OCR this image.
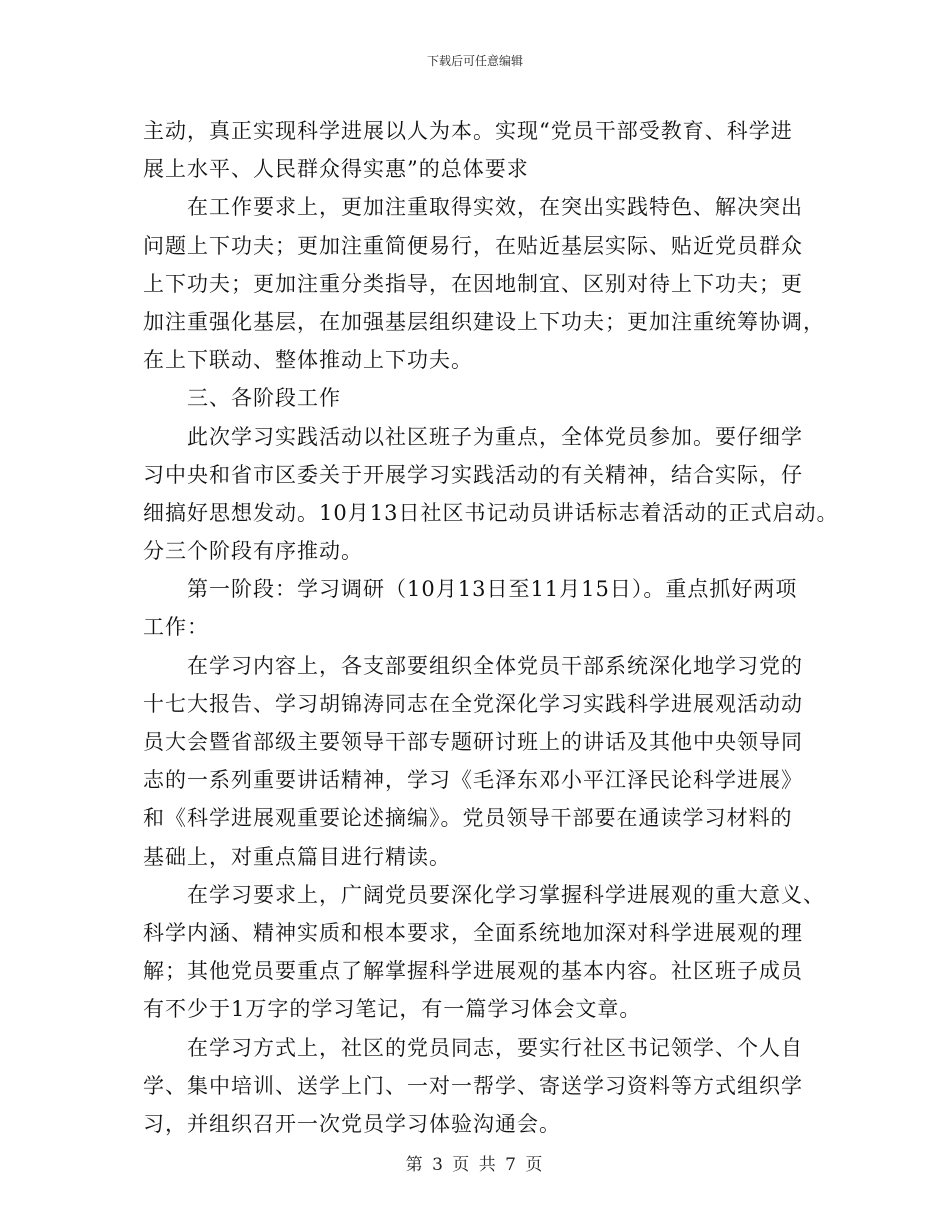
下载后可任意编辑
主动，真正实现科学进展以人为本。实现“党员干部受教育、科学进
展上水平、人民群众得实惠”的总体要求
在工作要求上，更加注重取得实效，在突出实践特色、解决突出
问题上下功夫；更加注重简便易行，在贴近基层实际、贴近党员群众
上下功夫；更加注重分类指导，在因地制宜、区别对待上下功夫；更
加注重强化基层，在加强基层组织建设上下功夫；更加注重统筹协调，
在上下联动、整体推动上下功夫。
三、各阶段工作
此次学习实践活动以社区班子为重点，全体党员参加。要仔细学
习中央和省市区委关于开展学习实践活动的有关精神，结合实际，仔
细搞好思想发动。10月13日社区书记动员讲话标志着活动的正式启动。
分三个阶段有序推动。
第一阶段：学习调研（10月13日至11月15日）。重点抓好两项
工作：
在学习内容上，各支部要组织全体党员干部系统深化地学习党的
十七大报告、学习胡锦涛同志在全党深化学习实践科学进展观活动动
员大会暨省部级主要领导干部专题研讨班上的讲话及其他中央领导同
志的一系列重要讲话精神，学习《毛泽东邓小平江泽民论科学进展》
和《科学进展观重要论述摘编》。党员领导干部要在通读学习材料的
基础上，对重点篇目进行精读。
在学习要求上，广阔党员要深化学习掌握科学进展观的重大意义、
科学内涵、精神实质和根本要求，全面系统地加深对科学进展观的理
解；其他党员要重点了解掌握科学进展观的基本内容。社区班子成员
有不少于1万字的学习笔记，有一篇学习体会文章。
在学习方式上，社区的党员同志，要实行社区书记领学、个人自
学、集中培训、送学上门、一对一帮学、寄送学习资料等方式组织学
习，并组织召开一次党员学习体验沟通会。
第 3 页 共 7 页
